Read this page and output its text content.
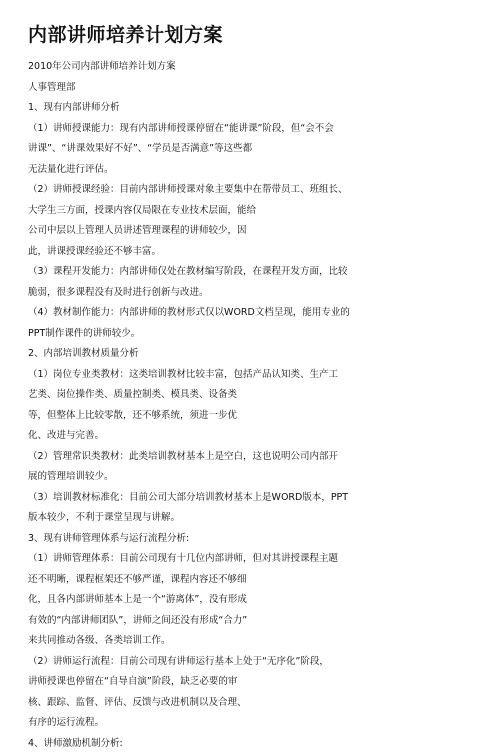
内部讲师培养计划方案
2010年公司内部讲师培养计划方案
人事管理部
1、现有内部讲师分析
（1）讲师授课能力：现有内部讲师授课停留在“能讲课”阶段，但“会不会
讲课”、“讲课效果好不好”、“学员是否满意”等这些都
无法量化进行评估。
（2）讲师授课经验：目前内部讲师授课对象主要集中在帮带员工、班组长、
大学生三方面，授课内容仅局限在专业技术层面，能给
公司中层以上管理人员讲述管理课程的讲师较少，因
此，讲课授课经验还不够丰富。
（3）课程开发能力：内部讲师仅处在教材编写阶段，在课程开发方面，比较
脆弱，很多课程没有及时进行创新与改进。
（4）教材制作能力：内部讲师的教材形式仅以WORD文档呈现，能用专业的
PPT制作课件的讲师较少。
2、内部培训教材质量分析
（1）岗位专业类教材：这类培训教材比较丰富，包括产品认知类、生产工
艺类、岗位操作类、质量控制类、模具类、设备类
等，但整体上比较零散，还不够系统，须进一步优
化、改进与完善。
（2）管理常识类教材：此类培训教材基本上是空白，这也说明公司内部开
展的管理培训较少。
（3）培训教材标准化：目前公司大部分培训教材基本上是WORD版本，PPT
版本较少，不利于课堂呈现与讲解。
3、现有讲师管理体系与运行流程分析:
（1）讲师管理体系：目前公司现有十几位内部讲师，但对其讲授课程主题
还不明晰，课程框架还不够严谨，课程内容还不够细
化，且各内部讲师基本上是一个“游离体”，没有形成
有效的“内部讲师团队”，讲师之间还没有形成“合力”
来共同推动各级、各类培训工作。
（2）讲师运行流程：目前公司现有讲师运行基本上处于“无序化”阶段，
讲师授课也停留在“自导自演”阶段，缺乏必要的审
核、跟踪、监督、评估、反馈与改进机制以及合理、
有序的运行流程。
4、讲师激励机制分析:
